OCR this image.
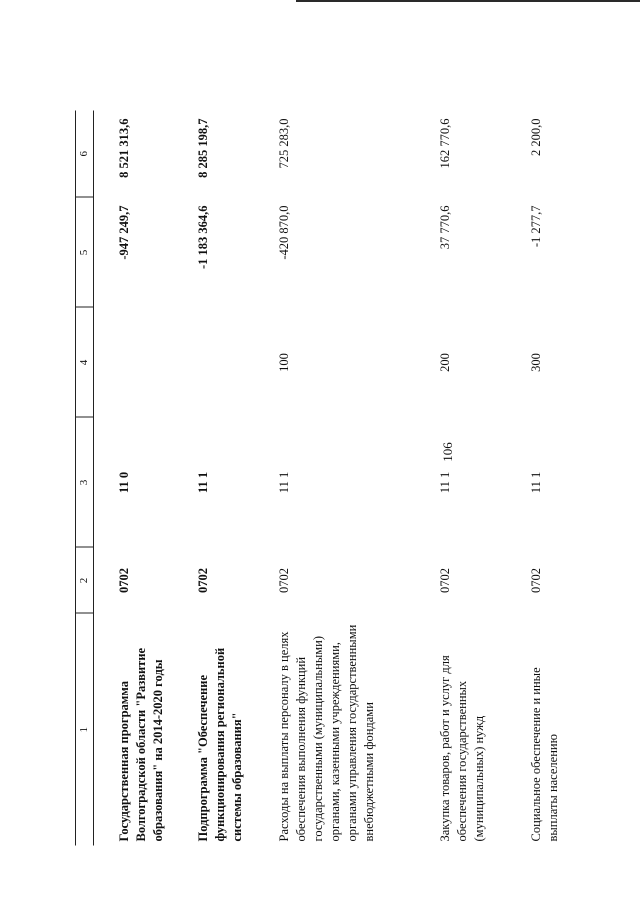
106
1	2	3	4	5	6
Государственная программа Волгоградской области "Развитие образования" на 2014-2020 годы	0702	11 0		-947 249,7	8 521 313,6
Подпрограмма "Обеспечение функционирования региональной системы образования"	0702	11 1		-1 183 364,6	8 285 198,7
Расходы на выплаты персоналу в целях обеспечения выполнения функций государственными (муниципальными) органами, казенными учреждениями, органами управления государственными внебюджетными фондами	0702	11 1	100	-420 870,0	725 283,0
Закупка товаров, работ и услуг для обеспечения государственных (муниципальных) нужд	0702	11 1	200	37 770,6	162 770,6
Социальное обеспечение и иные выплаты населению	0702	11 1	300	-1 277,7	2 200,0
